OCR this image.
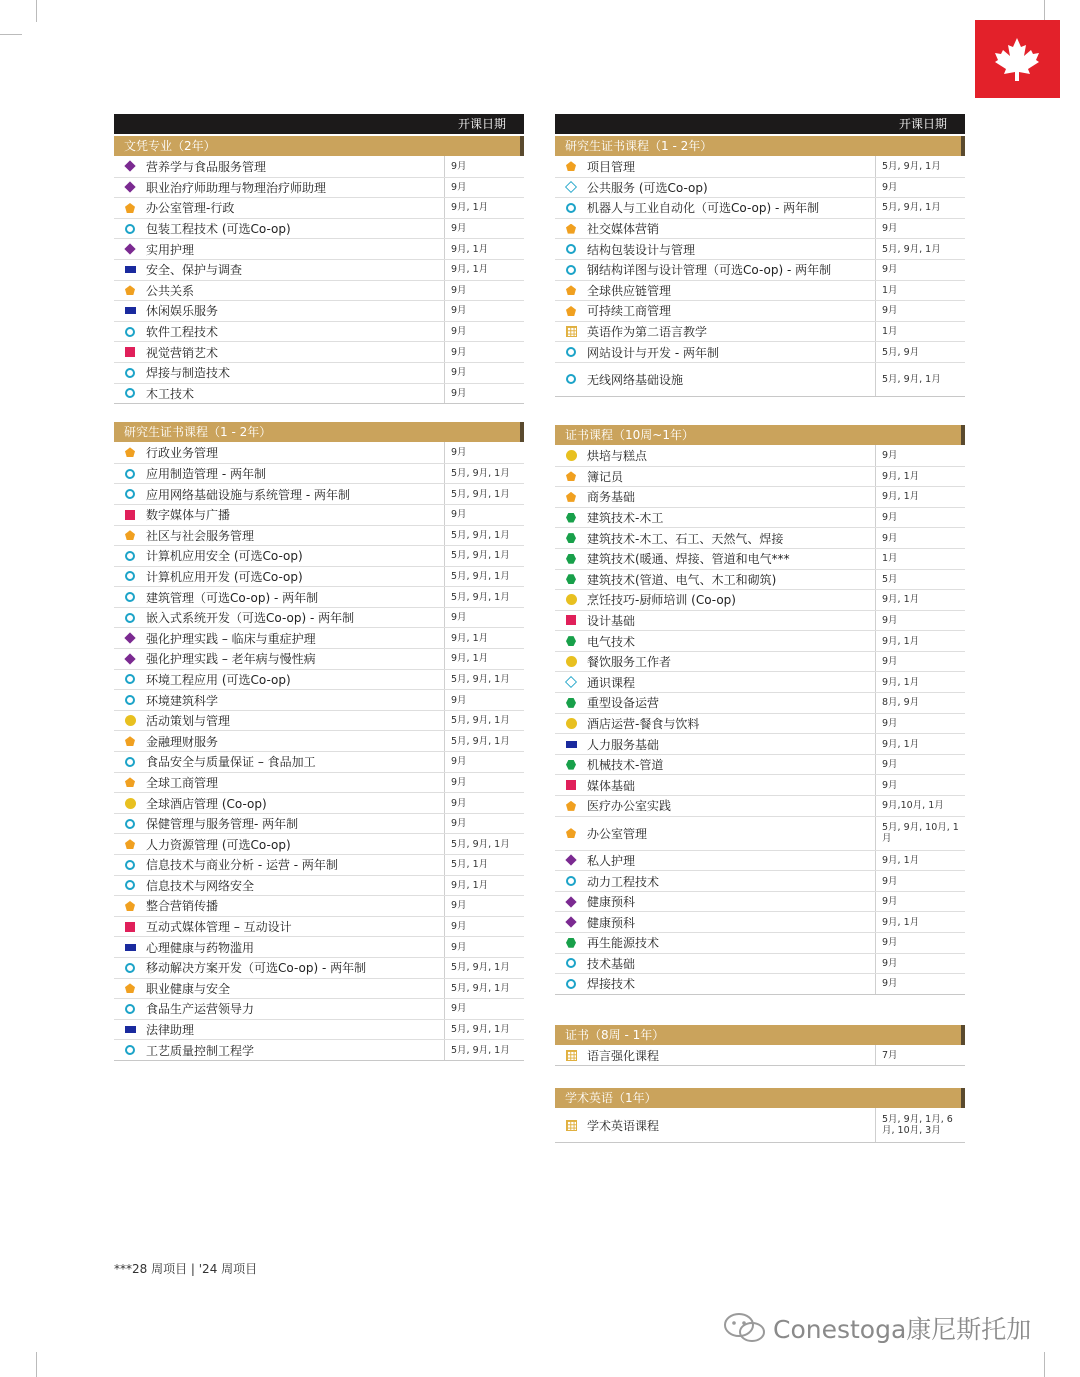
开课日期
文凭专业（2年）
营养学与食品服务管理	9月
职业治疗师助理与物理治疗师助理	9月
办公室管理-行政	9月, 1月
包装工程技术 (可选Co-op)	9月
实用护理	9月, 1月
安全、保护与调查	9月, 1月
公共关系	9月
休闲娱乐服务	9月
软件工程技术	9月
视觉营销艺术	9月
焊接与制造技术	9月
木工技术	9月
研究生证书课程（1 - 2年）
行政业务管理	9月
应用制造管理 - 两年制	5月, 9月, 1月
应用网络基础设施与系统管理 - 两年制	5月, 9月, 1月
数字媒体与广播	9月
社区与社会服务管理	5月, 9月, 1月
计算机应用安全 (可选Co-op)	5月, 9月, 1月
计算机应用开发 (可选Co-op)	5月, 9月, 1月
建筑管理（可选Co-op) - 两年制	5月, 9月, 1月
嵌入式系统开发（可选Co-op) - 两年制	9月
强化护理实践 – 临床与重症护理	9月, 1月
强化护理实践 – 老年病与慢性病	9月, 1月
环境工程应用 (可选Co-op)	5月, 9月, 1月
环境建筑科学	9月
活动策划与管理	5月, 9月, 1月
金融理财服务	5月, 9月, 1月
食品安全与质量保证 – 食品加工	9月
全球工商管理	9月
全球酒店管理 (Co-op)	9月
保健管理与服务管理- 两年制	9月
人力资源管理 (可选Co-op)	5月, 9月, 1月
信息技术与商业分析 - 运营 - 两年制	5月, 1月
信息技术与网络安全	9月, 1月
整合营销传播	9月
互动式媒体管理 – 互动设计	9月
心理健康与药物滥用	9月
移动解决方案开发（可选Co-op) - 两年制	5月, 9月, 1月
职业健康与安全	5月, 9月, 1月
食品生产运营领导力	9月
法律助理	5月, 9月, 1月
工艺质量控制工程学	5月, 9月, 1月
开课日期
研究生证书课程（1 - 2年）
项目管理	5月, 9月, 1月
公共服务 (可选Co-op)	9月
机器人与工业自动化（可选Co-op) - 两年制	5月, 9月, 1月
社交媒体营销	9月
结构包装设计与管理	5月, 9月, 1月
钢结构详图与设计管理（可选Co-op) - 两年制	9月
全球供应链管理	1月
可持续工商管理	9月
英语作为第二语言教学	1月
网站设计与开发 - 两年制	5月, 9月
无线网络基础设施	5月, 9月, 1月
证书课程（10周~1年）
烘培与糕点	9月
簿记员	9月, 1月
商务基础	9月, 1月
建筑技术-木工	9月
建筑技术-木工、石工、天然气、焊接	9月
建筑技术(暖通、焊接、管道和电气***	1月
建筑技术(管道、电气、木工和砌筑)	5月
烹饪技巧-厨师培训 (Co-op)	9月, 1月
设计基础	9月
电气技术	9月, 1月
餐饮服务工作者	9月
通识课程	9月, 1月
重型设备运营	8月, 9月
酒店运营-餐食与饮料	9月
人力服务基础	9月, 1月
机械技术-管道	9月
媒体基础	9月
医疗办公室实践	9月,10月, 1月
办公室管理	5月, 9月, 10月, 1月
私人护理	9月, 1月
动力工程技术	9月
健康预科	9月
健康预科	9月, 1月
再生能源技术	9月
技术基础	9月
焊接技术	9月
证书（8周 - 1年）
语言强化课程	7月
学术英语（1年）
学术英语课程	5月, 9月, 1月, 6月, 10月, 3月
***28 周项目 | '24 周项目
Conestoga康尼斯托加
